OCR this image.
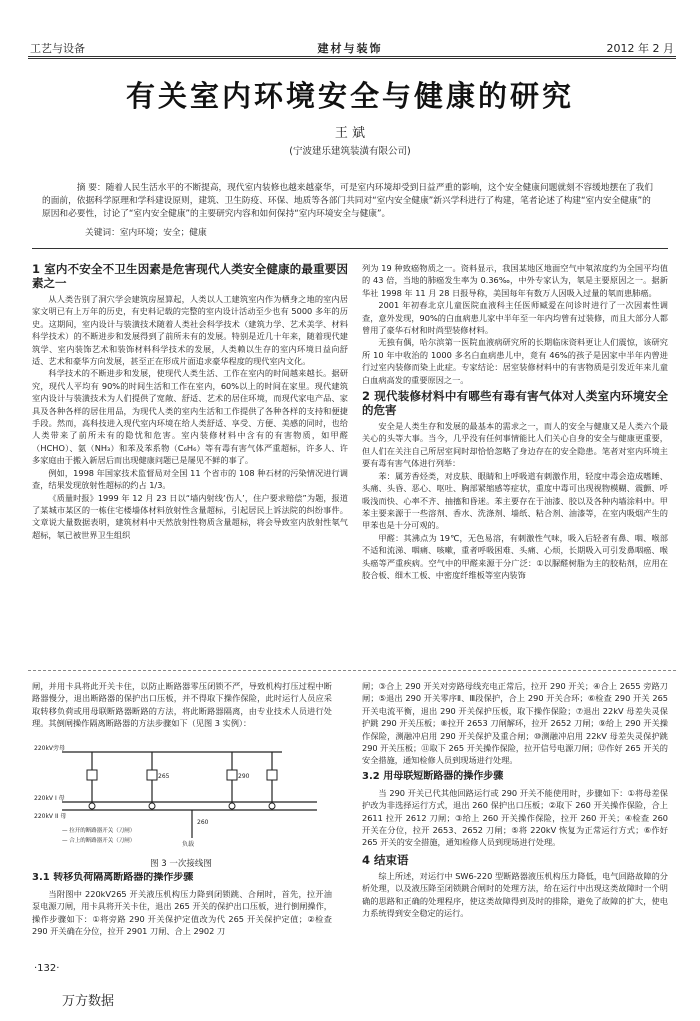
工艺与设备	建材与装饰	2012 年 2 月
有关室内环境安全与健康的研究
王 斌
(宁波建乐建筑装潢有限公司)
摘 要：随着人民生活水平的不断提高，现代室内装修也越来越豪华，可是室内环境却受到日益严重的影响，这个安全健康问题就刻不容缓地摆在了我们的面前，依据科学原理和学科建设原则，建筑、卫生防疫、环保、地质等各部门共同对“室内安全健康”新兴学科进行了构建，笔者论述了构建“室内安全健康”的原因和必要性，讨论了“室内安全健康”的主要研究内容和如何保持“室内环境安全与健康”。
关键词：室内环境；安全；健康
1 室内不安全不卫生因素是危害现代人类安全健康的最重要因素之一

从人类告别了洞穴学会建筑房屋算起，人类以人工建筑室内作为栖身之地的室内居家文明已有上万年的历史，有史料记载的完整的室内设计活动至少也有 5000 多年的历史。这期间，室内设计与装潢技术随着人类社会科学技术（建筑力学、艺术美学、材料科学技术）的不断进步和发展得到了前所未有的发展。特别是近几十年来，随着现代建筑学、室内装饰艺术和装饰材料科学技术的发展，人类赖以生存的室内环境日益向舒适、艺术和豪华方向发展，甚至正在形成片面追求豪华程度的现代室内文化。

科学技术的不断进步和发展，使现代人类生活、工作在室内的时间越来越长。据研究，现代人平均有 90%的时间生活和工作在室内，60%以上的时间在家里。现代建筑室内设计与装潢技术为人们提供了宽敞、舒适、艺术的居住环境，而现代家电产品、家具及各种各样的居住用品，为现代人类的室内生活和工作提供了各种各样的支持和便捷手段。然而，高科技进入现代室内环境在给人类舒适、享受、方便、美感的同时，也给人类带来了前所未有的隐忧和危害。室内装修材料中含有的有害物质，如甲醛（HCHO）、氨（NH₃）和苯及苯系物（C₆H₆）等有毒有害气体严重超标，许多人、许多家庭由于搬入新居后而出现健康问题已是屡见不鲜的事了。

例如，1998 年国家技术监督局对全国 11 个省市的 108 种石材的污染情况进行调查，结果发现放射性超标的约占 1/3。

《质量时报》1999 年 12 月 23 日以“墙内射线‘伤人’，住户要求赔偿”为题，报道了某城市某区的一栋住宅楼墙体材料放射性含量超标，引起居民上诉法院的纠纷事件。文章说大量数据表明，建筑材料中天然放射性物质含量超标，将会导致室内放射性氡气超标，氡已被世界卫生组织

列为 19 种致癌物质之一。资料显示，我国某地区地面空气中氡浓度约为全国平均值的 43 倍，当地的肺癌发生率为 0.36‰，中外专家认为，氡是主要原因之一。据新华社 1998 年 11 月 28 日报导称，美国每年有数万人因吸入过量的氡而患肺癌。

2001 年初春北京儿童医院血液科主任医师臧爱在问诊时进行了一次因素性调查，意外发现，90%的白血病患儿家中半年至一年内均曾有过装修，而且大部分人都曾用了豪华石材和时尚型装修材料。

无独有偶，哈尔滨第一医院血液病研究所的长期临床资料更让人们震惊，该研究所 10 年中收治的 1000 多名白血病患儿中，竟有 46%的孩子是因家中半年内曾进行过室内装修而染上此症。专家结论：居室装修材料中的有害物质是引发近年来儿童白血病高发的重要原因之一。

2 现代装修材料中有哪些有毒有害气体对人类室内环境安全的危害

安全是人类生存和发展的最基本的需求之一，而人的安全与健康又是人类六个最关心的头等大事。当今，几乎没有任何事情能比人们关心自身的安全与健康更重要，但人们在关注自己所居室间时却恰恰忽略了身边存在的安全隐患。笔者对室内环境主要有毒有害气体进行列举：

苯：属芳香烃类，对皮肤、眼睛和上呼吸道有刺激作用，轻度中毒会造成嗜睡、头痛、头昏、恶心、呕吐、胸部紧缩感等症状，重度中毒可出现视物模糊、震颤、呼吸浅而快、心率不齐、抽搐和昏迷。苯主要存在于油漆、胶以及各种内墙涂料中。甲苯主要来源于一些溶剂、香水、洗涤剂、墙纸、粘合剂、油漆等，在室内吸烟产生的甲苯也是十分可观的。

甲醛：其沸点为 19℃，无色易溶，有刺激性气味，吸入后轻者有鼻、咽、喉部不适和流涕、咽痛、咳嗽，重者呼吸困难、头痛、心烦，长期吸入可引发鼻咽癌、喉头癌等严重疾病。空气中的甲醛来源于分广泛：①以脲醛树脂为主的胶粘剂，应用在胶合板、细木工板、中密度纤维板等室内装饰

闸，并用卡具将此开关卡住，以防止断路器零压闭锁不严，导致机构打压过程中断路器慢分，退出断路器的保护出口压板，并不得取下操作保险，此时运行人员应采取转移负荷或用母联断路器断路的方法，将此断路器隔离，由专业技术人员进行处理。其倒闸操作隔离断路器的方法步骤如下（见图 3 实例）：

220kV旁母
220kV I 母
220kV II 母
265	290
260
负载
— 拉开的断路器开关（刀闸）
— 合上的断路器开关（刀闸）
图 3 一次接线图
3.1 转移负荷隔离断路器的操作步骤

当附图中 220kV265 开关液压机构压力降到闭锁跳、合闸时，首先，拉开油泵电源刀闸，用卡具将开关卡住，退出 265 开关的保护出口压板，进行倒闸操作，操作步骤如下：①将旁路 290 开关保护定值改为代 265 开关保护定值；②检查 290 开关确在分位，拉开 2901 刀闸、合上 2902 刀

闸；③合上 290 开关对旁路母线充电正常后，拉开 290 开关；④合上 2655 旁路刀闸；⑤退出 290 开关零序Ⅱ、Ⅲ段保护，合上 290 开关合环；⑥检查 290 开关 265 开关电流平衡，退出 290 开关保护压板，取下操作保险；⑦退出 22kV 母差失灵保护跳 290 开关压板；⑧拉开 2653 刀闸解环，拉开 2652 刀闸；⑨给上 290 开关操作保险，测融冲启用 290 开关保护及重合闸；⑩测融冲启用 22kV 母差失灵保护跳 290 开关压板；⑪取下 265 开关操作保险，拉开信号电源刀闸；⑫作好 265 开关的安全措施，通知检修人员到现场进行处理。

3.2 用母联短断路器的操作步骤

当 290 开关已代其他回路运行或 290 开关不能使用时，步骤如下：①将母差保护改为非选择运行方式，退出 260 保护出口压板；②取下 260 开关操作保险，合上 2611 拉开 2612 刀闸；③给上 260 开关操作保险，拉开 260 开关；④检查 260 开关在分位，拉开 2653、2652 刀闸；⑤将 220kV 恢复为正常运行方式；⑥作好 265 开关的安全措施，通知检修人员到现场进行处理。

4 结束语

综上所述，对运行中 SW6-220 型断路器液压机构压力降低，电气回路故障的分析处理，以及液压降至闭锁跳合闸时的处理方法，给在运行中出现这类故障时一个明确的思路和正确的处理程序，使这类故障得到及时的排除，避免了故障的扩大，使电力系统得到安全稳定的运行。

·132·
万方数据
